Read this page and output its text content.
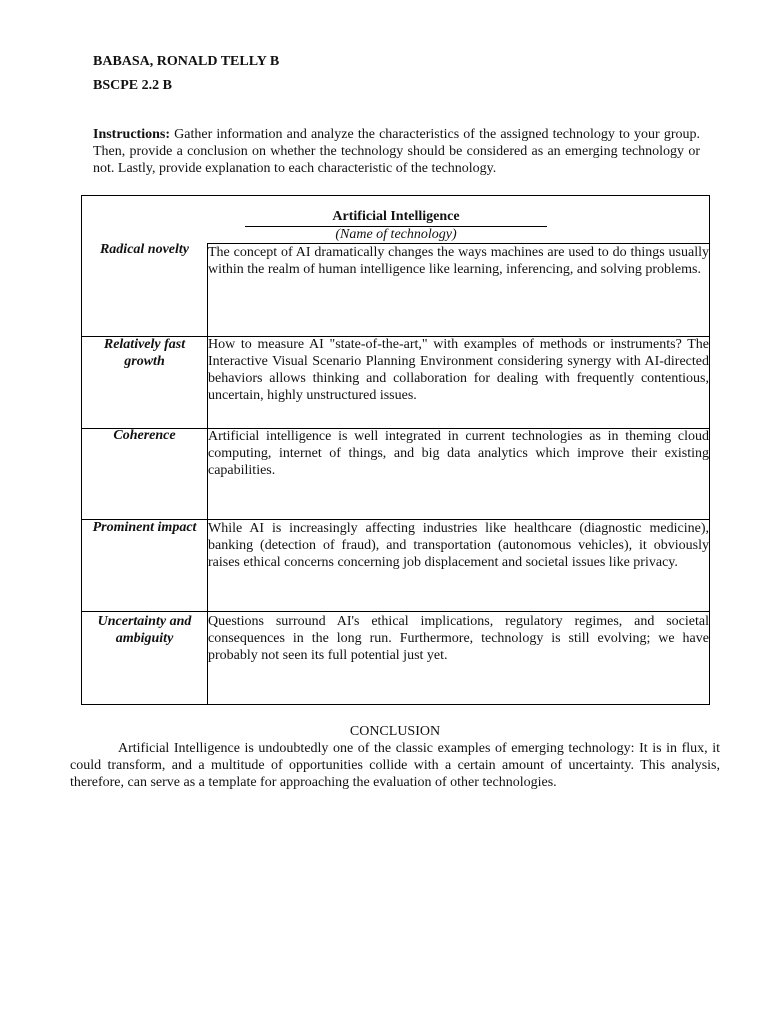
BABASA, RONALD TELLY B
BSCPE 2.2 B

Instructions: Gather information and analyze the characteristics of the assigned technology to your group. Then, provide a conclusion on whether the technology should be considered as an emerging technology or not. Lastly, provide explanation to each characteristic of the technology.

Artificial Intelligence
(Name of technology)
Radical novelty	The concept of AI dramatically changes the ways machines are used to do things usually within the realm of human intelligence like learning, inferencing, and solving problems.

Relatively fast growth

How to measure AI "state-of-the-art," with examples of methods or instruments? The Interactive Visual Scenario Planning Environment considering synergy with AI-directed behaviors allows thinking and collaboration for dealing with frequently contentious, uncertain, highly unstructured issues.

Coherence	Artificial intelligence is well integrated in current technologies as in theming cloud computing, internet of things, and big data analytics which improve their existing capabilities.

Prominent impact While AI is increasingly affecting industries like healthcare (diagnostic medicine), banking (detection of fraud), and transportation (autonomous vehicles), it obviously raises ethical concerns concerning job displacement and societal issues like privacy.

Uncertainty and ambiguity

Questions surround AI's ethical implications, regulatory regimes, and societal consequences in the long run. Furthermore, technology is still evolving; we have probably not seen its full potential just yet.

CONCLUSION

Artificial Intelligence is undoubtedly one of the classic examples of emerging technology: It is in flux, it could transform, and a multitude of opportunities collide with a certain amount of uncertainty. This analysis, therefore, can serve as a template for approaching the evaluation of other technologies.
